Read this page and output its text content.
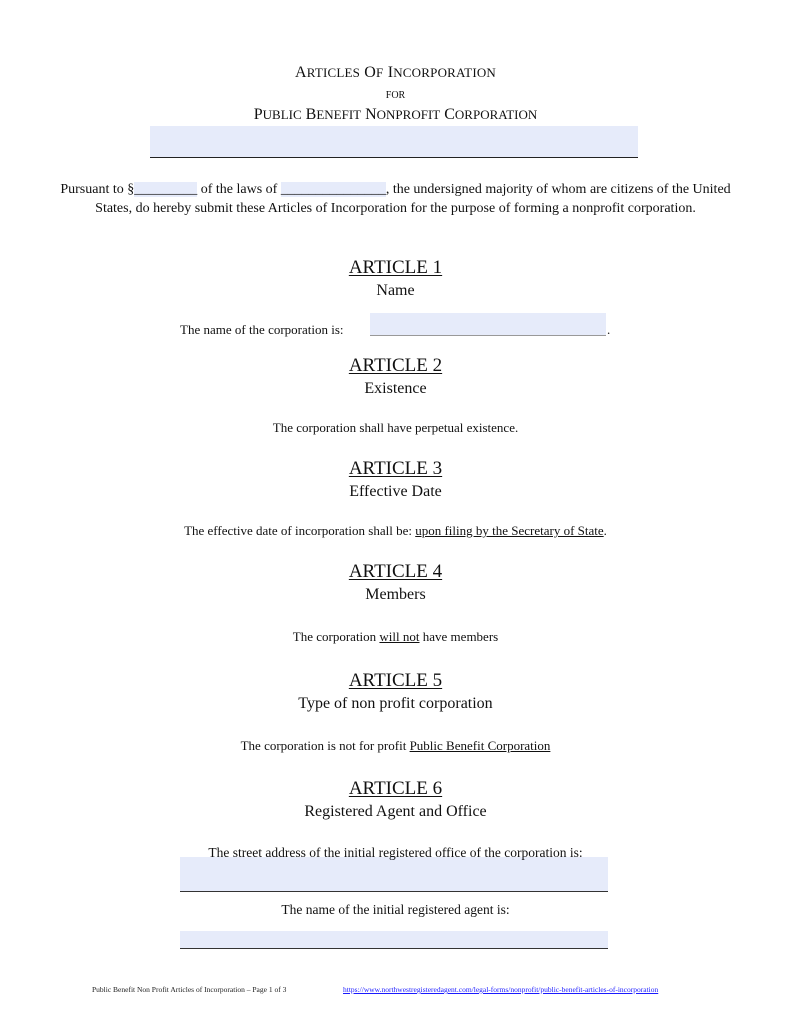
ARTICLES OF INCORPORATION
FOR
PUBLIC BENEFIT NONPROFIT CORPORATION
Pursuant to §_________ of the laws of _______________, the undersigned majority of whom are citizens of the United States, do hereby submit these Articles of Incorporation for the purpose of forming a nonprofit corporation.
ARTICLE 1
Name
The name of the corporation is:	.
ARTICLE 2
Existence
The corporation shall have perpetual existence.
ARTICLE 3
Effective Date
The effective date of incorporation shall be: upon filing by the Secretary of State.
ARTICLE 4
Members
The corporation will not have members
ARTICLE 5
Type of non profit corporation
The corporation is not for profit Public Benefit Corporation
ARTICLE 6
Registered Agent and Office
The street address of the initial registered office of the corporation is:
The name of the initial registered agent is:
Public Benefit Non Profit Articles of Incorporation – Page 1 of 3	https://www.northwestregisteredagent.com/legal-forms/nonprofit/public-benefit-articles-of-incorporation
